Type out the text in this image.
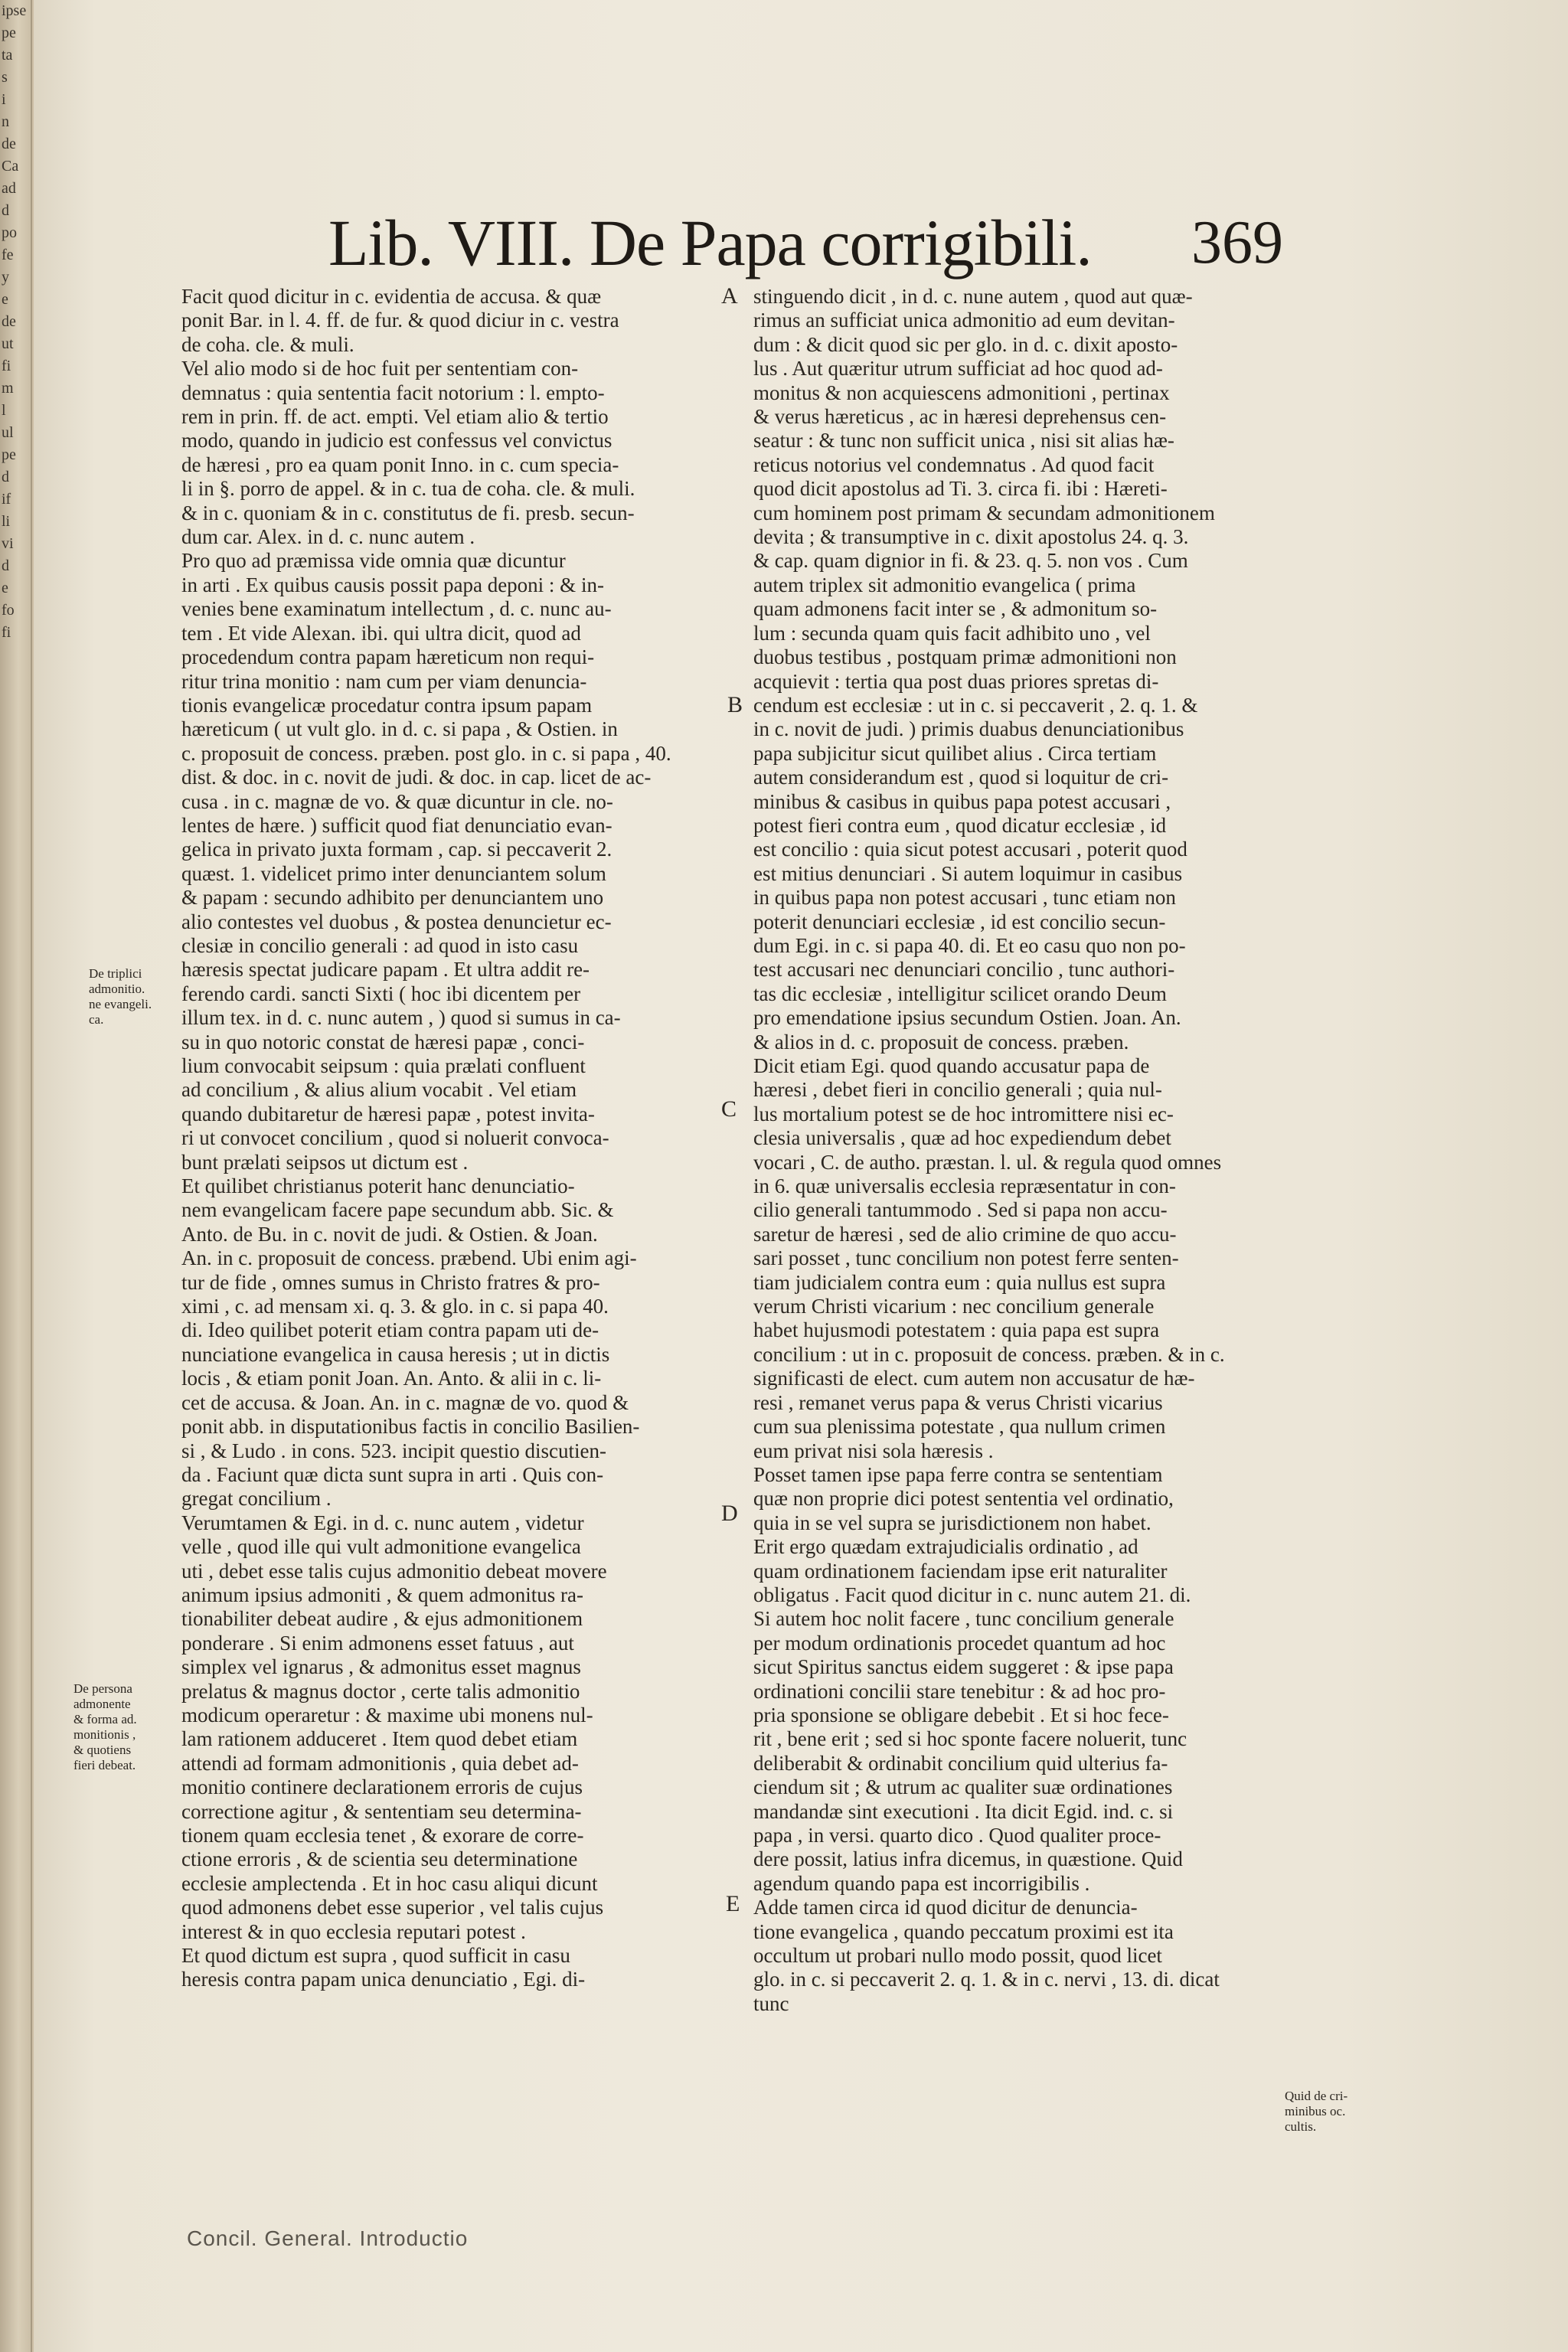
ipse
pe
ta
s
i
n
de
Ca
ad
d
po
fe
y
e
de
ut
fi
m
l
ul
pe
d
if
li
vi
d
e
fo
fi
Lib. VIII. De Papa corrigibili. 369
Facit quod dicitur in c. evidentia de accusa. & quæ
ponit Bar. in l. 4. ff. de fur. & quod diciur in c. vestra
de coha. cle. & muli.
Vel alio modo si de hoc fuit per sententiam con-
demnatus : quia sententia facit notorium : l. empto-
rem in prin. ff. de act. empti. Vel etiam alio & tertio
modo, quando in judicio est confessus vel convictus
de hæresi , pro ea quam ponit Inno. in c. cum specia-
li in §. porro de appel. & in c. tua de coha. cle. & muli.
& in c. quoniam & in c. constitutus de fi. presb. secun-
dum car. Alex. in d. c. nunc autem .
Pro quo ad præmissa vide omnia quæ dicuntur
in arti . Ex quibus causis possit papa deponi : & in-
venies bene examinatum intellectum , d. c. nunc au-
tem . Et vide Alexan. ibi. qui ultra dicit, quod ad
procedendum contra papam hæreticum non requi-
ritur trina monitio : nam cum per viam denuncia-
tionis evangelicæ procedatur contra ipsum papam
hæreticum ( ut vult glo. in d. c. si papa , & Ostien. in
c. proposuit de concess. præben. post glo. in c. si papa , 40.
dist. & doc. in c. novit de judi. & doc. in cap. licet de ac-
cusa . in c. magnæ de vo. & quæ dicuntur in cle. no-
lentes de hære. ) sufficit quod fiat denunciatio evan-
gelica in privato juxta formam , cap. si peccaverit 2.
quæst. 1. videlicet primo inter denunciantem solum
& papam : secundo adhibito per denunciantem uno
alio contestes vel duobus , & postea denuncietur ec-
clesiæ in concilio generali : ad quod in isto casu
hæresis spectat judicare papam . Et ultra addit re-
ferendo cardi. sancti Sixti ( hoc ibi dicentem per
illum tex. in d. c. nunc autem , ) quod si sumus in ca-
su in quo notoric constat de hæresi papæ , conci-
lium convocabit seipsum : quia prælati confluent
ad concilium , & alius alium vocabit . Vel etiam
quando dubitaretur de hæresi papæ , potest invita-
ri ut convocet concilium , quod si noluerit convoca-
bunt prælati seipsos ut dictum est .
Et quilibet christianus poterit hanc denunciatio-
nem evangelicam facere pape secundum abb. Sic. &
Anto. de Bu. in c. novit de judi. & Ostien. & Joan.
An. in c. proposuit de concess. præbend. Ubi enim agi-
tur de fide , omnes sumus in Christo fratres & pro-
ximi , c. ad mensam xi. q. 3. & glo. in c. si papa 40.
di. Ideo quilibet poterit etiam contra papam uti de-
nunciatione evangelica in causa heresis ; ut in dictis
locis , & etiam ponit Joan. An. Anto. & alii in c. li-
cet de accusa. & Joan. An. in c. magnæ de vo. quod &
ponit abb. in disputationibus factis in concilio Basilien-
si , & Ludo . in cons. 523. incipit questio discutien-
da . Faciunt quæ dicta sunt supra in arti . Quis con-
gregat concilium .
Verumtamen & Egi. in d. c. nunc autem , videtur
velle , quod ille qui vult admonitione evangelica
uti , debet esse talis cujus admonitio debeat movere
animum ipsius admoniti , & quem admonitus ra-
tionabiliter debeat audire , & ejus admonitionem
ponderare . Si enim admonens esset fatuus , aut
simplex vel ignarus , & admonitus esset magnus
prelatus & magnus doctor , certe talis admonitio
modicum operaretur : & maxime ubi monens nul-
lam rationem adduceret . Item quod debet etiam
attendi ad formam admonitionis , quia debet ad-
monitio continere declarationem erroris de cujus
correctione agitur , & sententiam seu determina-
tionem quam ecclesia tenet , & exorare de corre-
ctione erroris , & de scientia seu determinatione
ecclesie amplectenda . Et in hoc casu aliqui dicunt
quod admonens debet esse superior , vel talis cujus
interest & in quo ecclesia reputari potest .
Et quod dictum est supra , quod sufficit in casu
heresis contra papam unica denunciatio , Egi. di-
stinguendo dicit , in d. c. nune autem , quod aut quæ-
rimus an sufficiat unica admonitio ad eum devitan-
dum : & dicit quod sic per glo. in d. c. dixit aposto-
lus . Aut quæritur utrum sufficiat ad hoc quod ad-
monitus & non acquiescens admonitioni , pertinax
& verus hæreticus , ac in hæresi deprehensus cen-
seatur : & tunc non sufficit unica , nisi sit alias hæ-
reticus notorius vel condemnatus . Ad quod facit
quod dicit apostolus ad Ti. 3. circa fi. ibi : Hæreti-
cum hominem post primam & secundam admonitionem
devita ; & transumptive in c. dixit apostolus 24. q. 3.
& cap. quam dignior in fi. & 23. q. 5. non vos . Cum
autem triplex sit admonitio evangelica ( prima
quam admonens facit inter se , & admonitum so-
lum : secunda quam quis facit adhibito uno , vel
duobus testibus , postquam primæ admonitioni non
acquievit : tertia qua post duas priores spretas di-
cendum est ecclesiæ : ut in c. si peccaverit , 2. q. 1. &
in c. novit de judi. ) primis duabus denunciationibus
papa subjicitur sicut quilibet alius . Circa tertiam
autem considerandum est , quod si loquitur de cri-
minibus & casibus in quibus papa potest accusari ,
potest fieri contra eum , quod dicatur ecclesiæ , id
est concilio : quia sicut potest accusari , poterit quod
est mitius denunciari . Si autem loquimur in casibus
in quibus papa non potest accusari , tunc etiam non
poterit denunciari ecclesiæ , id est concilio secun-
dum Egi. in c. si papa 40. di. Et eo casu quo non po-
test accusari nec denunciari concilio , tunc authori-
tas dic ecclesiæ , intelligitur scilicet orando Deum
pro emendatione ipsius secundum Ostien. Joan. An.
& alios in d. c. proposuit de concess. præben.
Dicit etiam Egi. quod quando accusatur papa de
hæresi , debet fieri in concilio generali ; quia nul-
lus mortalium potest se de hoc intromittere nisi ec-
clesia universalis , quæ ad hoc expediendum debet
vocari , C. de autho. præstan. l. ul. & regula quod omnes
in 6. quæ universalis ecclesia repræsentatur in con-
cilio generali tantummodo . Sed si papa non accu-
saretur de hæresi , sed de alio crimine de quo accu-
sari posset , tunc concilium non potest ferre senten-
tiam judicialem contra eum : quia nullus est supra
verum Christi vicarium : nec concilium generale
habet hujusmodi potestatem : quia papa est supra
concilium : ut in c. proposuit de concess. præben. & in c.
significasti de elect. cum autem non accusatur de hæ-
resi , remanet verus papa & verus Christi vicarius
cum sua plenissima potestate , qua nullum crimen
eum privat nisi sola hæresis .
Posset tamen ipse papa ferre contra se sententiam
quæ non proprie dici potest sententia vel ordinatio,
quia in se vel supra se jurisdictionem non habet.
Erit ergo quædam extrajudicialis ordinatio , ad
quam ordinationem faciendam ipse erit naturaliter
obligatus . Facit quod dicitur in c. nunc autem 21. di.
Si autem hoc nolit facere , tunc concilium generale
per modum ordinationis procedet quantum ad hoc
sicut Spiritus sanctus eidem suggeret : & ipse papa
ordinationi concilii stare tenebitur : & ad hoc pro-
pria sponsione se obligare debebit . Et si hoc fece-
rit , bene erit ; sed si hoc sponte facere noluerit, tunc
deliberabit & ordinabit concilium quid ulterius fa-
ciendum sit ; & utrum ac qualiter suæ ordinationes
mandandæ sint executioni . Ita dicit Egid. ind. c. si
papa , in versi. quarto dico . Quod qualiter proce-
dere possit, latius infra dicemus, in quæstione. Quid
agendum quando papa est incorrigibilis .
Adde tamen circa id quod dicitur de denuncia-
tione evangelica , quando peccatum proximi est ita
occultum ut probari nullo modo possit, quod licet
glo. in c. si peccaverit 2. q. 1. & in c. nervi , 13. di. dicat
tunc
A
B
C
D
E
De triplici
admonitio.
ne evangeli.
ca.
De persona
admonente
& forma ad.
monitionis ,
& quotiens
fieri debeat.
Quid de cri-
minibus oc.
cultis.
Concil. General. Introductio
